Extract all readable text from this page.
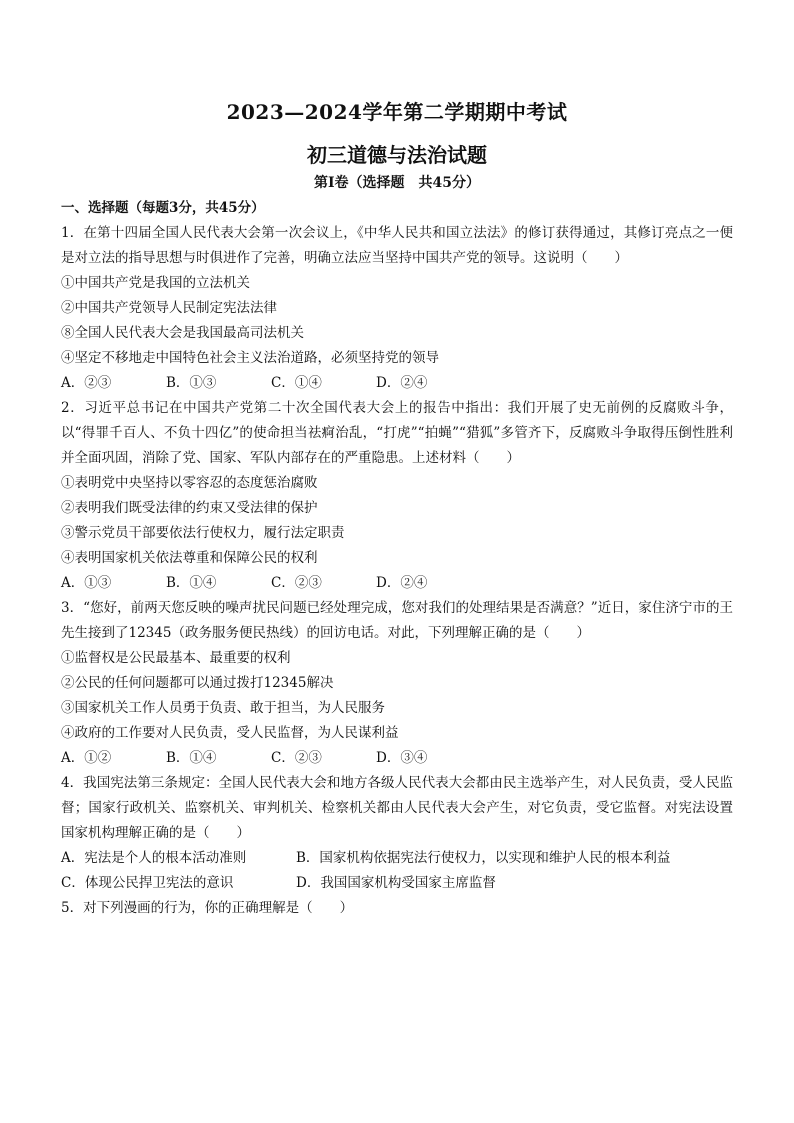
2023—2024学年第二学期期中考试
初三道德与法治试题
第Ⅰ卷（选择题　共45分）
一、选择题（每题3分，共45分）
1．在第十四届全国人民代表大会第一次会议上，《中华人民共和国立法法》的修订获得通过，其修订亮点之一便是对立法的指导思想与时俱进作了完善，明确立法应当坚持中国共产党的领导。这说明（　　）
①中国共产党是我国的立法机关
②中国共产党领导人民制定宪法法律
⑧全国人民代表大会是我国最高司法机关
④坚定不移地走中国特色社会主义法治道路，必须坚持党的领导
A．②③	B．①③	C．①④	D．②④
2．习近平总书记在中国共产党第二十次全国代表大会上的报告中指出：我们开展了史无前例的反腐败斗争，以“得罪千百人、不负十四亿”的使命担当祛痾治乱，“打虎”“拍蝇”“猎狐”多管齐下，反腐败斗争取得压倒性胜利并全面巩固，消除了党、国家、军队内部存在的严重隐患。上述材料（　　）
①表明党中央坚持以零容忍的态度惩治腐败
②表明我们既受法律的约束又受法律的保护
③警示党员干部要依法行使权力，履行法定职责
④表明国家机关依法尊重和保障公民的权利
A．①③	B．①④	C．②③	D．②④
3．“您好，前两天您反映的噪声扰民问题已经处理完成，您对我们的处理结果是否满意？”近日，家住济宁市的王先生接到了12345（政务服务便民热线）的回访电话。对此，下列理解正确的是（　　）
①监督权是公民最基本、最重要的权利
②公民的任何问题都可以通过拨打12345解决
③国家机关工作人员勇于负责、敢于担当，为人民服务
④政府的工作要对人民负责，受人民监督，为人民谋利益
A．①②	B．①④	C．②③	D．③④
4．我国宪法第三条规定：全国人民代表大会和地方各级人民代表大会都由民主选举产生，对人民负责，受人民监督；国家行政机关、监察机关、审判机关、检察机关都由人民代表大会产生，对它负责，受它监督。对宪法设置国家机构理解正确的是（　　）
A．宪法是个人的根本活动准则	B．国家机构依据宪法行使权力，以实现和维护人民的根本利益
C．体现公民捍卫宪法的意识	D．我国国家机构受国家主席监督
5．对下列漫画的行为，你的正确理解是（　　）
